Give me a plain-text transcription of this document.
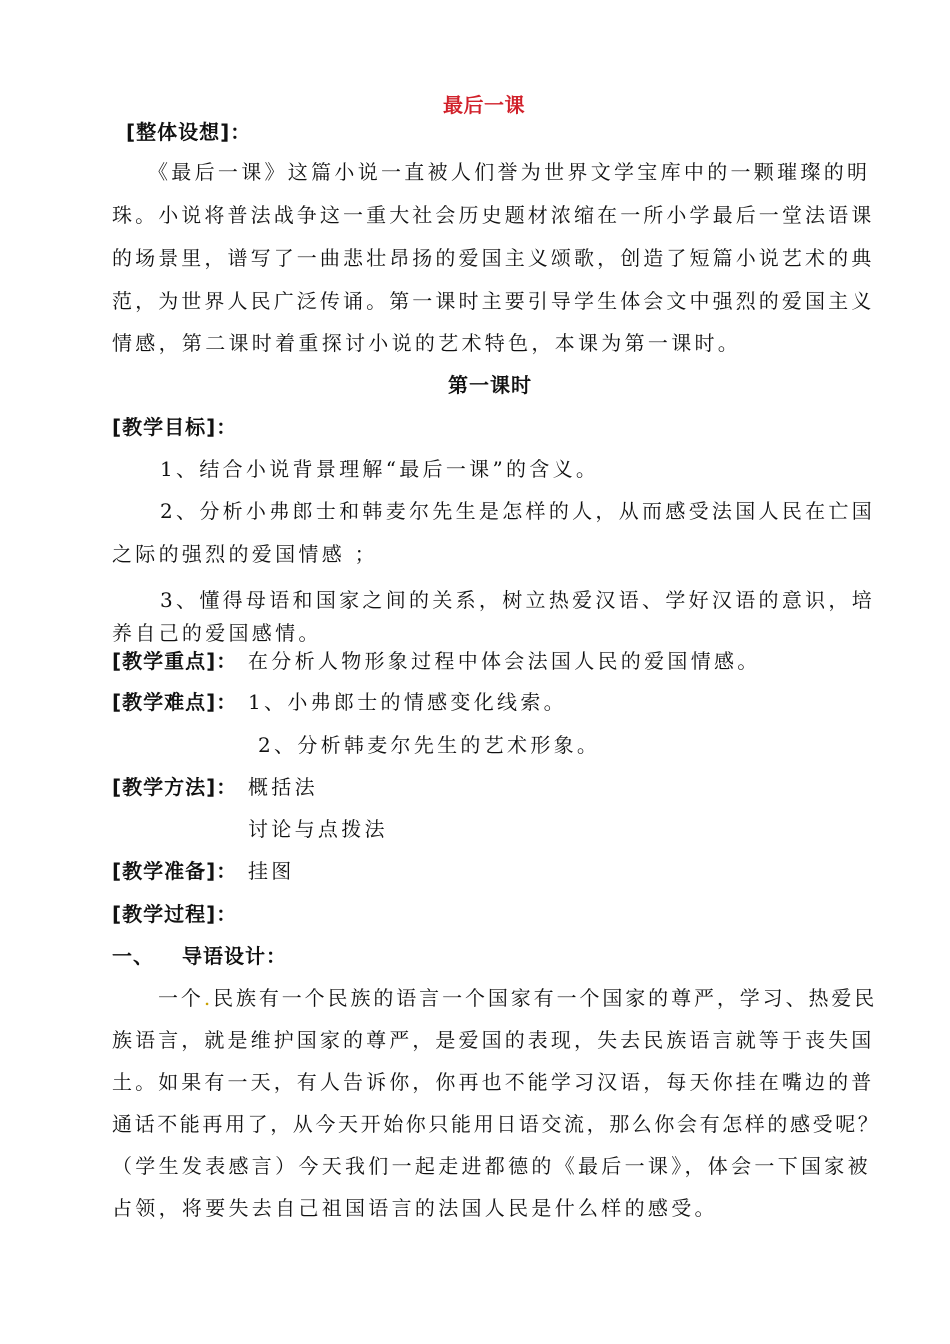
最后一课
[整体设想]：
《最后一课》这篇小说一直被人们誉为世界文学宝库中的一颗璀璨的明
珠。小说将普法战争这一重大社会历史题材浓缩在一所小学最后一堂法语课
的场景里，谱写了一曲悲壮昂扬的爱国主义颂歌，创造了短篇小说艺术的典
范，为世界人民广泛传诵。第一课时主要引导学生体会文中强烈的爱国主义
情感，第二课时着重探讨小说的艺术特色，本课为第一课时。
第一课时
[教学目标]：
1、结合小说背景理解“最后一课”的含义。
2、分析小弗郎士和韩麦尔先生是怎样的人，从而感受法国人民在亡国
之际的强烈的爱国情感 ；
3、懂得母语和国家之间的关系，树立热爱汉语、学好汉语的意识，培
养自己的爱国感情。
[教学重点]： 在分析人物形象过程中体会法国人民的爱国情感。
[教学难点]： 1、小弗郎士的情感变化线索。
2、分析韩麦尔先生的艺术形象。
[教学方法]： 概括法
讨论与点拨法
[教学准备]： 挂图
[教学过程]：
一、 导语设计：
一个.民族有一个民族的语言一个国家有一个国家的尊严，学习、热爱民
族语言，就是维护国家的尊严，是爱国的表现，失去民族语言就等于丧失国
土。如果有一天，有人告诉你，你再也不能学习汉语，每天你挂在嘴边的普
通话不能再用了，从今天开始你只能用日语交流，那么你会有怎样的感受呢？
（学生发表感言）今天我们一起走进都德的《最后一课》，体会一下国家被
占领，将要失去自己祖国语言的法国人民是什么样的感受。
